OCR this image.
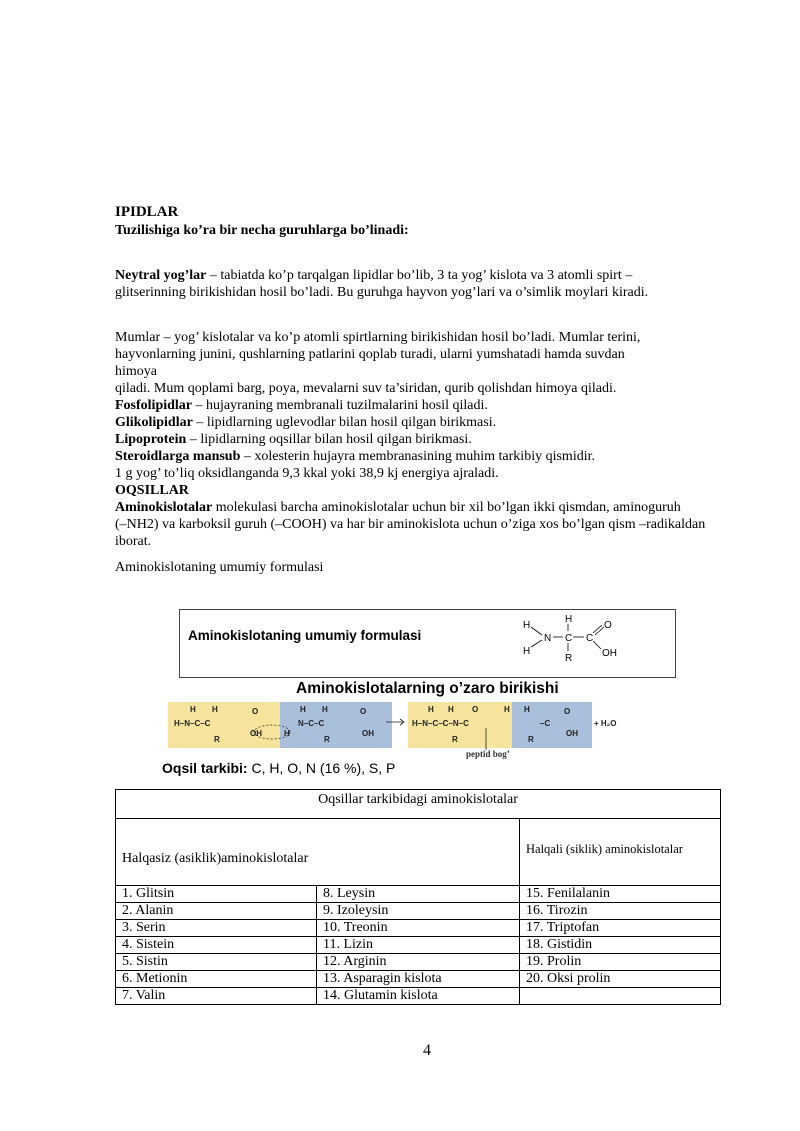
IPIDLAR
Tuzilishiga ko’ra bir necha guruhlarga bo’linadi:
Neytral yog’lar – tabiatda ko’p tarqalgan lipidlar bo’lib, 3 ta yog’ kislota va 3 atomli spirt –
glitserinning birikishidan hosil bo’ladi. Bu guruhga hayvon yog’lari va o’simlik moylari kiradi.
Mumlar – yog’ kislotalar va ko’p atomli spirtlarning birikishidan hosil bo’ladi. Mumlar terini,
hayvonlarning junini, qushlarning patlarini qoplab turadi, ularni yumshatadi hamda suvdan
himoya
qiladi. Mum qoplami barg, poya, mevalarni suv ta’siridan, qurib qolishdan himoya qiladi.
Fosfolipidlar – hujayraning membranali tuzilmalarini hosil qiladi.
Glikolipidlar – lipidlarning uglevodlar bilan hosil qilgan birikmasi.
Lipoprotein – lipidlarning oqsillar bilan hosil qilgan birikmasi.
Steroidlarga mansub – xolesterin hujayra membranasining muhim tarkibiy qismidir.
1 g yog’ to’liq oksidlanganda 9,3 kkal yoki 38,9 kj energiya ajraladi.
OQSILLAR
Aminokislotalar molekulasi barcha aminokislotalar uchun bir xil bo’lgan ikki qismdan, aminoguruh
(–NH2) va karboksil guruh (–COOH) va har bir aminokislota uchun o’ziga xos bo’lgan qism –radikaldan
iborat.
Aminokislotaning umumiy formulasi
Aminokislotaning umumiy formulasi
H
H
N
H
C
R
C
O
OH
Aminokislotalarning o’zaro birikishi
H–N–C–C
H H
R
O
OH	H
N–C–C
H H
R
O
OH
H–N–C–C–N–C
H H O	H H
R	R
–C
O
OH
+ H₂O
peptid bog’
Oqsil tarkibi: C, H, O, N (16 %), S, P
Oqsillar tarkibidagi aminokislotalar		
Halqasiz (asiklik)aminokislotalar		Halqali (siklik) aminokislotalar
1. Glitsin	8. Leysin	15. Fenilalanin
2. Alanin	9. Izoleysin	16. Tirozin
3. Serin	10. Treonin	17. Triptofan
4. Sistein	11. Lizin	18. Gistidin
5. Sistin	12. Arginin	19. Prolin
6. Metionin	13. Asparagin kislota	20. Oksi prolin
7. Valin	14. Glutamin kislota	
4
